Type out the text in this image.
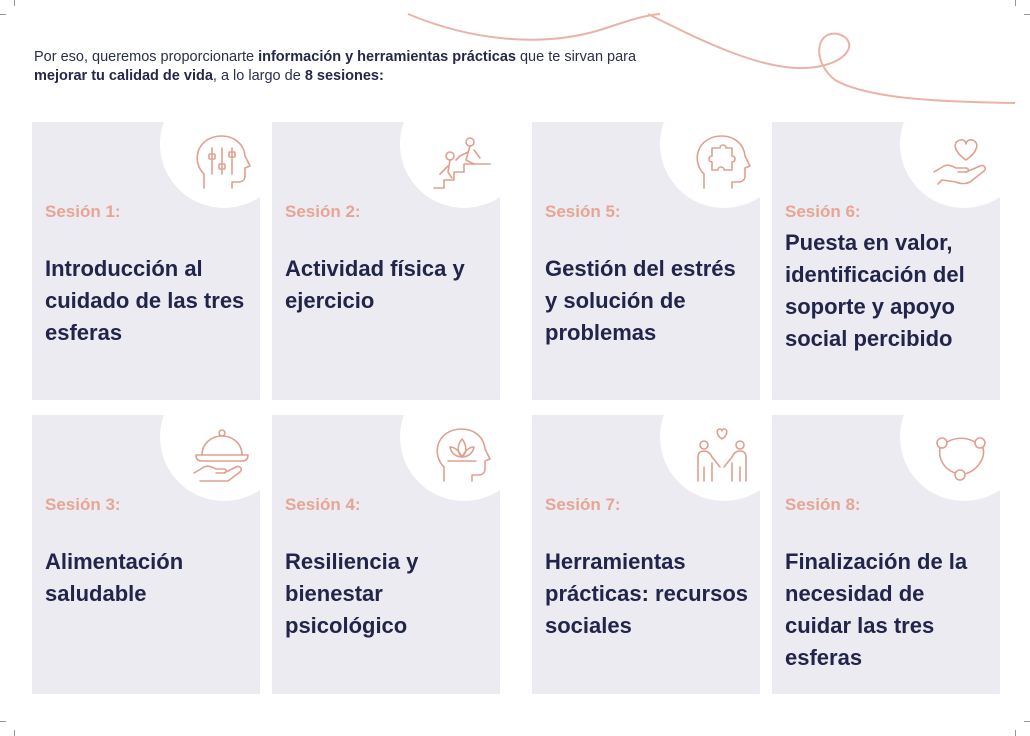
Por eso, queremos proporcionarte información y herramientas prácticas que te sirvan para mejorar tu calidad de vida, a lo largo de 8 sesiones:
Sesión 1:
Introducción al cuidado de las tres esferas
Sesión 2:
Actividad física y ejercicio
Sesión 5:
Gestión del estrés y solución de problemas
Sesión 6:
Puesta en valor, identificación del soporte y apoyo social percibido
Sesión 3:
Alimentación saludable
Sesión 4:
Resiliencia y bienestar psicológico
Sesión 7:
Herramientas prácticas: recursos sociales
Sesión 8:
Finalización de la necesidad de cuidar las tres esferas
